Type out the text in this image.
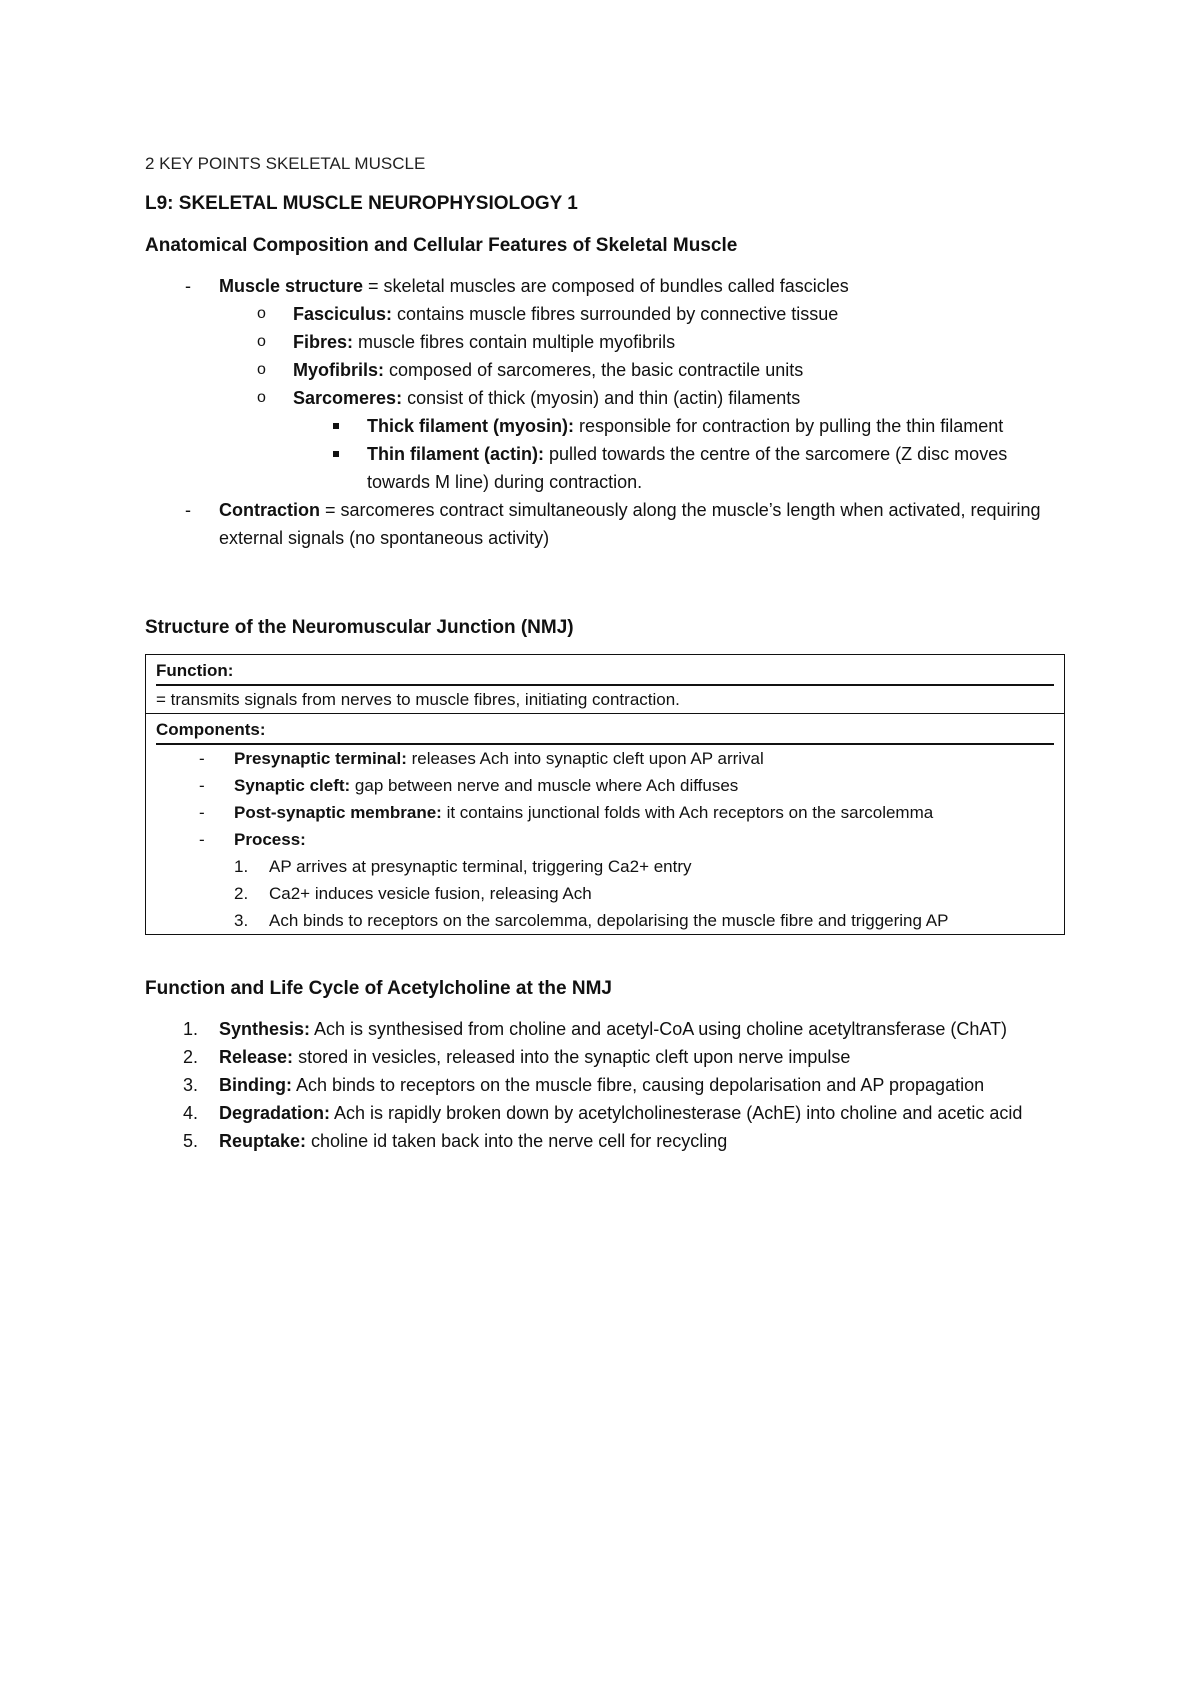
2 KEY POINTS SKELETAL MUSCLE

L9: SKELETAL MUSCLE NEUROPHYSIOLOGY 1
Anatomical Composition and Cellular Features of Skeletal Muscle
- Muscle structure = skeletal muscles are composed of bundles called fascicles
o Fasciculus: contains muscle fibres surrounded by connective tissue
o Fibres: muscle fibres contain multiple myofibrils
o Myofibrils: composed of sarcomeres, the basic contractile units
o Sarcomeres: consist of thick (myosin) and thin (actin) filaments
Thick filament (myosin): responsible for contraction by pulling the thin filament
Thin filament (actin): pulled towards the centre of the sarcomere (Z disc moves towards M line) during contraction.
- Contraction = sarcomeres contract simultaneously along the muscle’s length when activated, requiring external signals (no spontaneous activity)
Structure of the Neuromuscular Junction (NMJ)
Function:
= transmits signals from nerves to muscle fibres, initiating contraction.
Components:
- Presynaptic terminal: releases Ach into synaptic cleft upon AP arrival
- Synaptic cleft: gap between nerve and muscle where Ach diffuses
- Post-synaptic membrane: it contains junctional folds with Ach receptors on the sarcolemma
- Process:
1. AP arrives at presynaptic terminal, triggering Ca2+ entry
2. Ca2+ induces vesicle fusion, releasing Ach
3. Ach binds to receptors on the sarcolemma, depolarising the muscle fibre and triggering AP
Function and Life Cycle of Acetylcholine at the NMJ
1. Synthesis: Ach is synthesised from choline and acetyl-CoA using choline acetyltransferase (ChAT)
2. Release: stored in vesicles, released into the synaptic cleft upon nerve impulse
3. Binding: Ach binds to receptors on the muscle fibre, causing depolarisation and AP propagation
4. Degradation: Ach is rapidly broken down by acetylcholinesterase (AchE) into choline and acetic acid
5. Reuptake: choline id taken back into the nerve cell for recycling
